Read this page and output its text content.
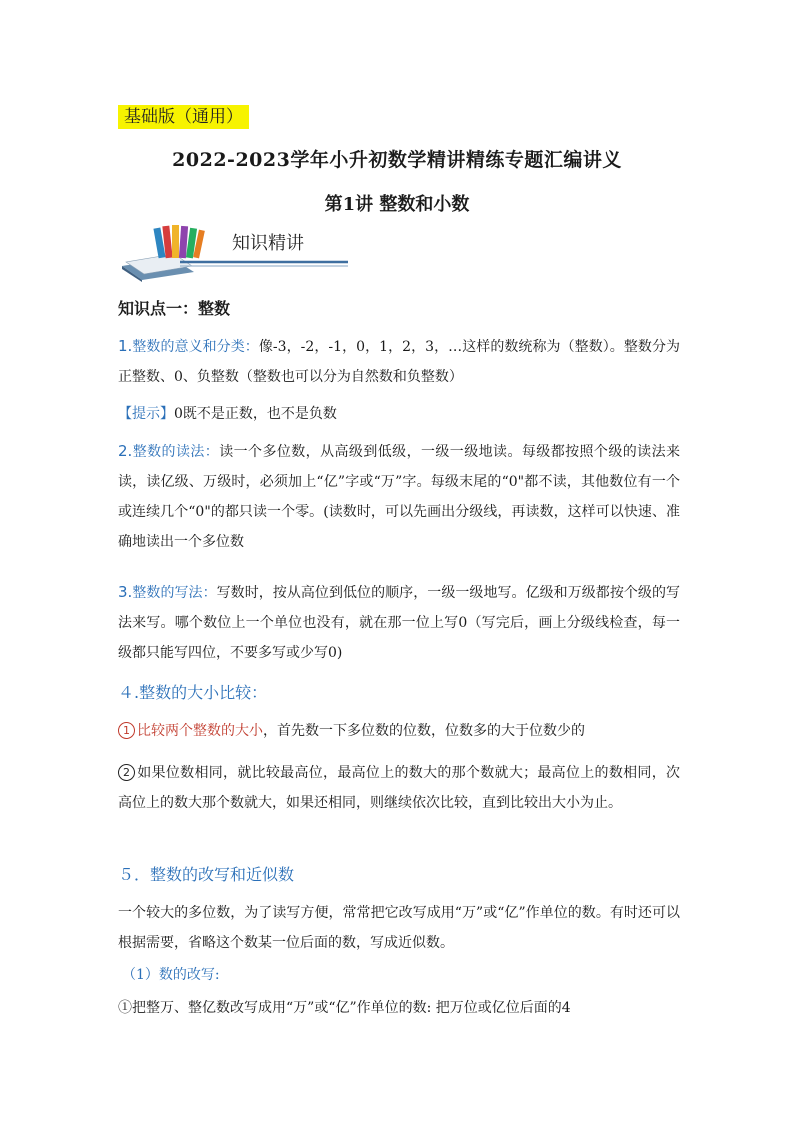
基础版（通用）
2022-2023学年小升初数学精讲精练专题汇编讲义
第1讲 整数和小数
知识精讲
知识点一：整数

1.整数的意义和分类：像-3，-2，-1，0，1，2，3，…这样的数统称为（整数）。整数分为正整数、0、负整数（整数也可以分为自然数和负整数）

【提示】0既不是正数，也不是负数

2.整数的读法：读一个多位数，从高级到低级，一级一级地读。每级都按照个级的读法来读，读亿级、万级时，必须加上“亿”字或“万”字。每级末尾的“0"都不读，其他数位有一个或连续几个“0"的都只读一个零。(读数时，可以先画出分级线，再读数，这样可以快速、准确地读出一个多位数

3.整数的写法：写数时，按从高位到低位的顺序，一级一级地写。亿级和万级都按个级的写法来写。哪个数位上一个单位也没有，就在那一位上写0（写完后，画上分级线检查，每一级都只能写四位，不要多写或少写0)

４.整数的大小比较：

1 比较两个整数的大小，首先数一下多位数的位数，位数多的大于位数少的

2 如果位数相同，就比较最高位，最高位上的数大的那个数就大；最高位上的数相同，次高位上的数大那个数就大，如果还相同，则继续依次比较，直到比较出大小为止。

５．整数的改写和近似数

一个较大的多位数，为了读写方便，常常把它改写成用“万”或“亿”作单位的数。有时还可以根据需要，省略这个数某一位后面的数，写成近似数。

（1）数的改写:

①把整万、整亿数改写成用“万”或“亿”作单位的数: 把万位或亿位后面的4
